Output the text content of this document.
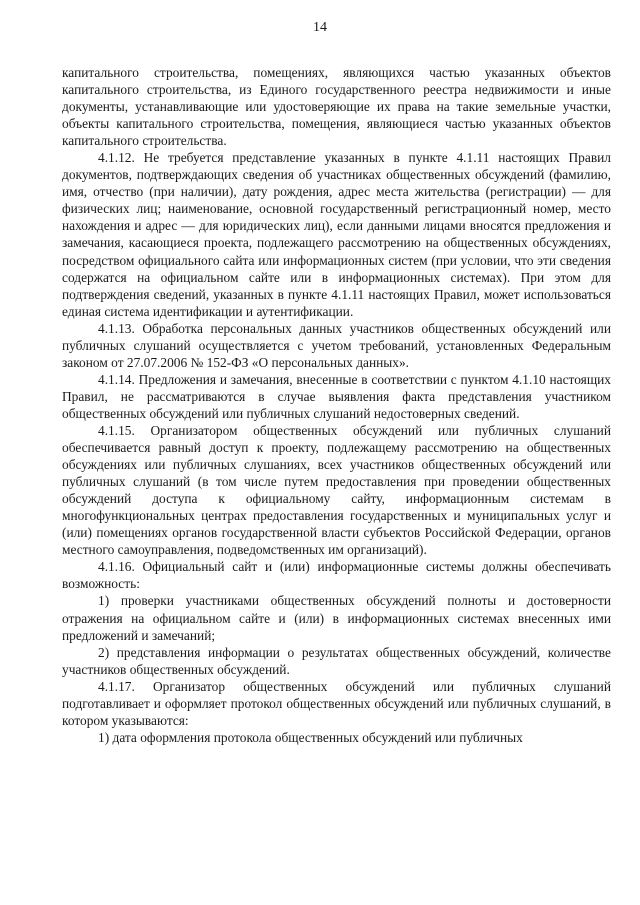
14

капитального строительства, помещениях, являющихся частью указанных объектов капитального строительства, из Единого государственного реестра недвижимости и иные документы, устанавливающие или удостоверяющие их права на такие земельные участки, объекты капитального строительства, помещения, являющиеся частью указанных объектов капитального строительства.

4.1.12. Не требуется представление указанных в пункте 4.1.11 настоящих Правил документов, подтверждающих сведения об участниках общественных обсуждений (фамилию, имя, отчество (при наличии), дату рождения, адрес места жительства (регистрации) — для физических лиц; наименование, основной государственный регистрационный номер, место нахождения и адрес — для юридических лиц), если данными лицами вносятся предложения и замечания, касающиеся проекта, подлежащего рассмотрению на общественных обсуждениях, посредством официального сайта или информационных систем (при условии, что эти сведения содержатся на официальном сайте или в информационных системах). При этом для подтверждения сведений, указанных в пункте 4.1.11 настоящих Правил, может использоваться единая система идентификации и аутентификации.

4.1.13. Обработка персональных данных участников общественных обсуждений или публичных слушаний осуществляется с учетом требований, установленных Федеральным законом от 27.07.2006 № 152-ФЗ «О персональных данных».

4.1.14. Предложения и замечания, внесенные в соответствии с пунктом 4.1.10 настоящих Правил, не рассматриваются в случае выявления факта представления участником общественных обсуждений или публичных слушаний недостоверных сведений.

4.1.15. Организатором общественных обсуждений или публичных слушаний обеспечивается равный доступ к проекту, подлежащему рассмотрению на общественных обсуждениях или публичных слушаниях, всех участников общественных обсуждений или публичных слушаний (в том числе путем предоставления при проведении общественных обсуждений доступа к официальному сайту, информационным системам в многофункциональных центрах предоставления государственных и муниципальных услуг и (или) помещениях органов государственной власти субъектов Российской Федерации, органов местного самоуправления, подведомственных им организаций).

4.1.16. Официальный сайт и (или) информационные системы должны обеспечивать возможность:

1) проверки участниками общественных обсуждений полноты и достоверности отражения на официальном сайте и (или) в информационных системах внесенных ими предложений и замечаний;

2) представления информации о результатах общественных обсуждений, количестве участников общественных обсуждений.

4.1.17. Организатор общественных обсуждений или публичных слушаний подготавливает и оформляет протокол общественных обсуждений или публичных слушаний, в котором указываются:

1) дата оформления протокола общественных обсуждений или публичных
